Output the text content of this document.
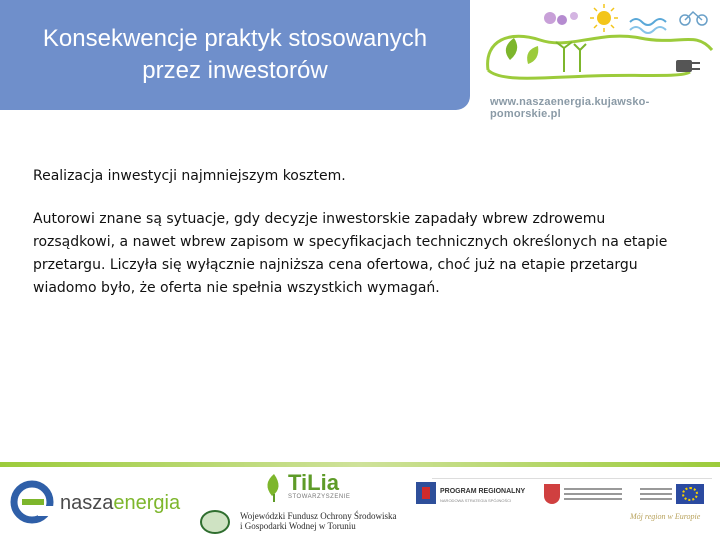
Konsekwencje praktyk stosowanych
przez inwestorów
www.naszaenergia.kujawsko-pomorskie.pl

Realizacja inwestycji najmniejszym kosztem.

Autorowi znane są sytuacje, gdy decyzje inwestorskie zapadały wbrew zdrowemu rozsądkowi, a nawet wbrew zapisom w specyfikacjach technicznych określonych na etapie przetargu. Liczyła się wyłącznie najniższa cena ofertowa, choć już na etapie przetargu wiadomo było, że oferta nie spełnia wszystkich wymagań.

naszaenergia
TiLia
STOWARZYSZENIE
Wojewódzki Fundusz Ochrony Środowiska
i Gospodarki Wodnej w Toruniu
PROGRAM REGIONALNY
NARODOWA STRATEGIA SPÓJNOŚCI
Mój region w Europie
